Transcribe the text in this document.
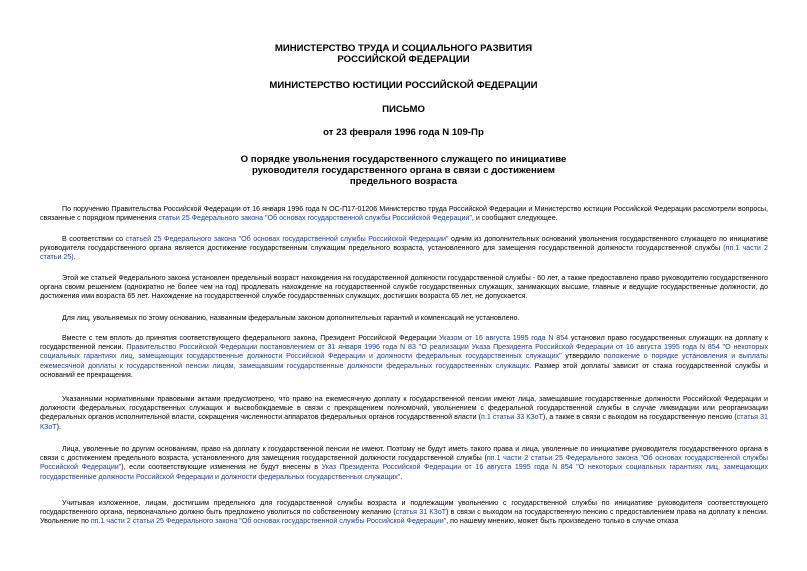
МИНИСТЕРСТВО ТРУДА И СОЦИАЛЬНОГО РАЗВИТИЯ
РОССИЙСКОЙ ФЕДЕРАЦИИ
МИНИСТЕРСТВО ЮСТИЦИИ РОССИЙСКОЙ ФЕДЕРАЦИИ
ПИСЬМО
от 23 февраля 1996 года N 109-Пр
О порядке увольнения государственного служащего по инициативе
руководителя государственного органа в связи с достижением
предельного возраста
По поручению Правительства Российской Федерации от 16 января 1996 года N ОС-П17-01206 Министерство труда Российской Федерации и Министерство юстиции Российской Федерации рассмотрели вопросы, связанные с порядком применения статьи 25 Федерального закона "Об основах государственной службы Российской Федерации", и сообщают следующее.
В соответствии со статьей 25 Федерального закона "Об основах государственной службы Российской Федерации" одним из дополнительных оснований увольнения государственного служащего по инициативе руководителя государственного органа является достижение государственным служащим предельного возраста, установленного для замещения государственной должности государственной службы (пп.1 части 2 статьи 25).
Этой же статьей Федерального закона установлен предельный возраст нахождения на государственной должности государственной службы - 60 лет, а также предоставлено право руководителю государственного органа своим решением (однократно не более чем на год) продлевать нахождение на государственной службе государственных служащих, занимающих высшие, главные и ведущие государственные должности, до достижения ими возраста 65 лет. Нахождение на государственной службе государственных служащих, достигших возраста 65 лет, не допускается.
Для лиц, увольняемых по этому основанию, названным федеральным законом дополнительных гарантий и компенсаций не установлено.
Вместе с тем вплоть до принятия соответствующего федерального закона, Президент Российской Федерации Указом от 16 августа 1995 года N 854 установил право государственных служащих на доплату к государственной пенсии. Правительство Российской Федерации постановлением от 31 января 1996 года N 83 "О реализации Указа Президента Российской Федерации от 16 августа 1995 года N 854 "О некоторых социальных гарантиях лиц, замещающих государственные должности Российской Федерации и должности федеральных государственных служащих" утвердило положение о порядке установления и выплаты ежемесячной доплаты к государственной пенсии лицам, замещавшим государственные должности федеральных государственных служащих. Размер этой доплаты зависит от стажа государственной службы и оснований ее прекращения.
Указанными нормативными правовыми актами предусмотрено, что право на ежемесячную доплату к государственной пенсии имеют лица, замещавшие государственные должности Российской Федерации и должности федеральных государственных служащих и высвобождаемые в связи с прекращением полномочий, увольнением с федеральной государственной службы в случае ликвидации или реорганизации федеральных органов исполнительной власти, сокращения численности аппаратов федеральных органов государственной власти (п.1 статьи 33 КЗоТ), а также в связи с выходом на государственную пенсию (статья 31 КЗоТ).
Лица, уволенные по другим основаниям, право на доплату к государственной пенсии не имеют. Поэтому не будут иметь такого права и лица, уволенные по инициативе руководителя государственного органа в связи с достижением предельного возраста, установленного для замещения государственной должности государственной службы (пп.1 части 2 статьи 25 Федерального закона "Об основах государственной службы Российской Федерации"), если соответствующие изменения не будут внесены в Указ Президента Российской Федерации от 16 августа 1995 года N 854 "О некоторых социальных гарантиях лиц, замещающих государственные должности Российской Федерации и должности федеральных государственных служащих".
Учитывая изложенное, лицам, достигшим предельного для государственной службы возраста и подлежащим увольнению с государственной службы по инициативе руководителя соответствующего государственного органа, первоначально должно быть предложено уволиться по собственному желанию (статья 31 КЗоТ) в связи с выходом на государственную пенсию с предоставлением права на доплату к пенсии. Увольнение по пп.1 части 2 статьи 25 Федерального закона "Об основах государственной службы Российской Федерации", по нашему мнению, может быть произведено только в случае отказа
